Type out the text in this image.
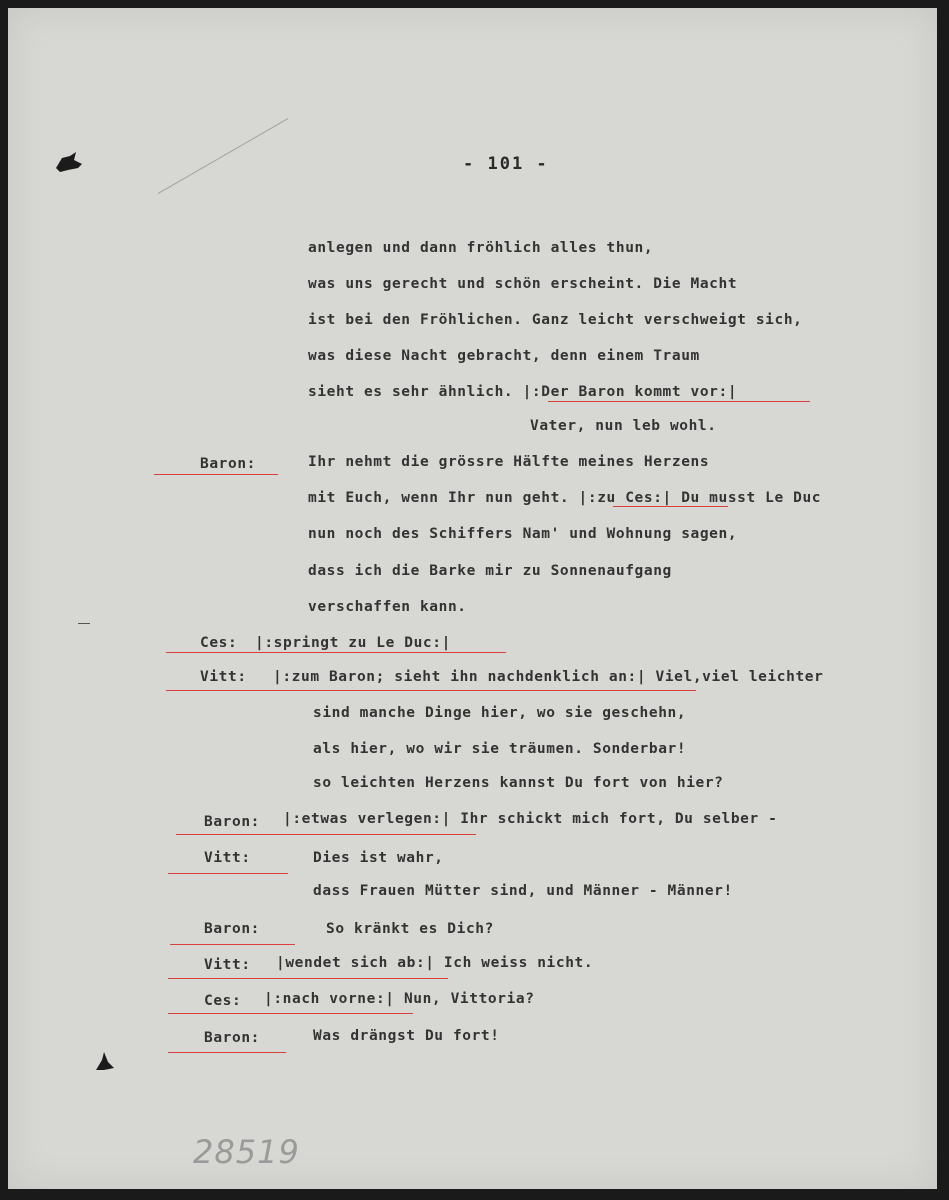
- 101 -
anlegen und dann fröhlich alles thun,
was uns gerecht und schön erscheint. Die Macht
ist bei den Fröhlichen. Ganz leicht verschweigt sich,
was diese Nacht gebracht, denn einem Traum
sieht es sehr ähnlich. |:Der Baron kommt vor:|
Vater, nun leb wohl.
Ihr nehmt die grössre Hälfte meines Herzens
mit Euch, wenn Ihr nun geht. |:zu Ces:| Du musst Le Duc
nun noch des Schiffers Nam' und Wohnung sagen,
dass ich die Barke mir zu Sonnenaufgang
verschaffen kann.
|:springt zu Le Duc:|
|:zum Baron; sieht ihn nachdenklich an:| Viel,viel leichter
sind manche Dinge hier, wo sie geschehn,
als hier, wo wir sie träumen. Sonderbar!
so leichten Herzens kannst Du fort von hier?
|:etwas verlegen:| Ihr schickt mich fort, Du selber -
Dies ist wahr,
dass Frauen Mütter sind, und Männer - Männer!
So kränkt es Dich?
|wendet sich ab:| Ich weiss nicht.
|:nach vorne:| Nun, Vittoria?
Was drängst Du fort!
Baron:
Ces:
Vitt:
Baron:
Vitt:
Baron:
Vitt:
Ces:
Baron:
28519
